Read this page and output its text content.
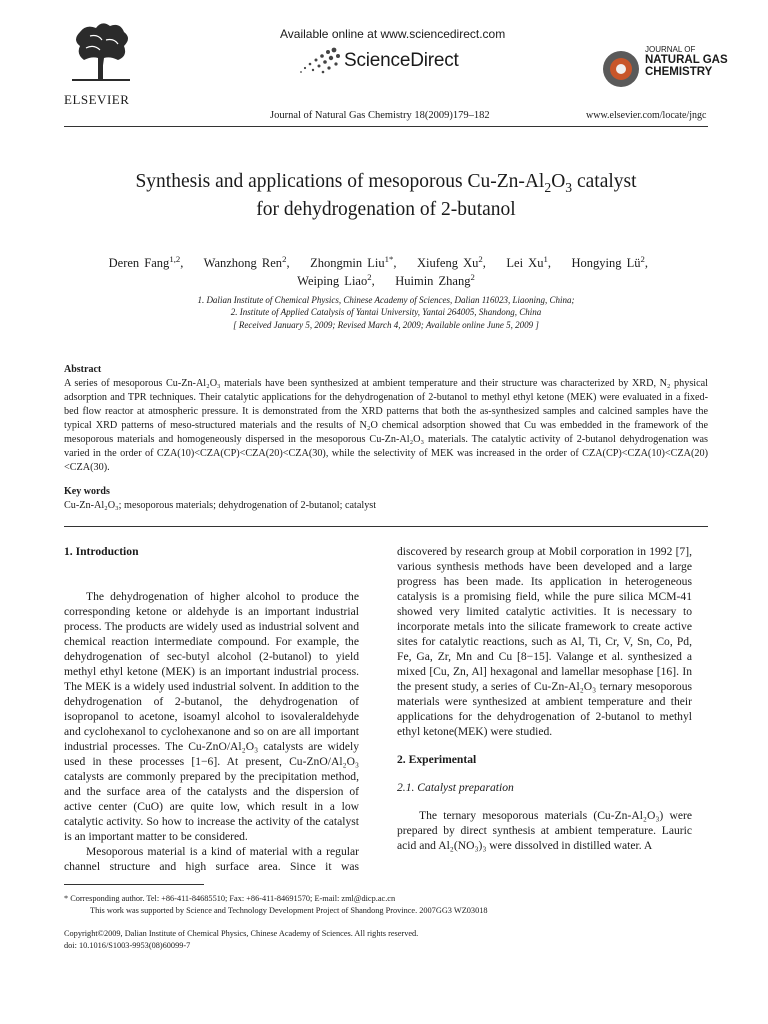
ELSEVIER
Available online at www.sciencedirect.com
ScienceDirect
JOURNAL OF
NATURAL GAS
CHEMISTRY
Journal of Natural Gas Chemistry 18(2009)179–182	www.elsevier.com/locate/jngc
Synthesis and applications of mesoporous $Cu-Zn-Al_2O_3$ catalyst
for dehydrogenation of 2-butanol
Deren Fang$^{1,2}$,    Wanzhong Ren$^2$,    Zhongmin Liu$^{1*}$,    Xiufeng Xu$^2$,    Lei Xu$^1$,    Hongying $Lü^2$,
Weiping Liao$^2$,    Huimin Zhang$^2$
1. Dalian Institute of Chemical Physics, Chinese Academy of Sciences, Dalian 116023, Liaoning, China;
2. Institute of Applied Catalysis of Yantai University, Yantai 264005, Shandong, China
[ Received January 5, 2009; Revised March 4, 2009; Available online June 5, 2009 ]
Abstract
A series of mesoporous Cu-Zn-Al₂O₃ materials have been synthesized at ambient temperature and their structure was characterized by XRD, N₂ physical adsorption and TPR techniques. Their catalytic applications for the dehydrogenation of 2-butanol to methyl ethyl ketone (MEK) were evaluated in a fixed-bed flow reactor at atmospheric pressure. It is demonstrated from the XRD patterns that both the as-synthesized samples and calcined samples have the typical XRD patterns of meso-structured materials and the results of N₂O chemical adsorption showed that Cu was embedded in the framework of the mesoporous materials and homogeneously dispersed in the mesoporous Cu-Zn-Al₂O₃ materials. The catalytic activity of 2-butanol dehydrogenation was varied in the order of CZA(10)<CZA(CP)<CZA(20)<CZA(30), while the selectivity of MEK was increased in the order of CZA(CP)<CZA(10)<CZA(20)<CZA(30).
Key words
Cu-Zn-Al₂O₃; mesoporous materials; dehydrogenation of 2-butanol; catalyst
1. Introduction

The dehydrogenation of higher alcohol to produce the corresponding ketone or aldehyde is an important industrial process. The products are widely used as industrial solvent and chemical reaction intermediate compound. For example, the dehydrogenation of sec-butyl alcohol (2-butanol) to yield methyl ethyl ketone (MEK) is an important industrial process. The MEK is a widely used industrial solvent. In addition to the dehydrogenation of 2-butanol, the dehydrogenation of isopropanol to acetone, isoamyl alcohol to isovaleraldehyde and cyclohexanol to cyclohexanone and so on are all important industrial processes. The Cu-ZnO/Al₂O₃ catalysts are widely used in these processes [1−6]. At present, Cu-ZnO/Al₂O₃ catalysts are commonly prepared by the precipitation method, and the surface area of the catalysts and the dispersion of active center (CuO) are quite low, which result in a low catalytic activity. So how to increase the activity of the catalyst is an important matter to be considered.

Mesoporous material is a kind of material with a regular channel structure and high surface area. Since it was

discovered by research group at Mobil corporation in 1992 [7], various synthesis methods have been developed and a large progress has been made. Its application in heterogeneous catalysis is a promising field, while the pure silica MCM-41 showed very limited catalytic activities. It is necessary to incorporate metals into the silicate framework to create active sites for catalytic reactions, such as Al, Ti, Cr, V, Sn, Co, Pd, Fe, Ga, Zr, Mn and Cu [8−15]. Valange et al. synthesized a mixed [Cu, Zn, Al] hexagonal and lamellar mesophase [16]. In the present study, a series of Cu-Zn-Al₂O₃ ternary mesoporous materials were synthesized at ambient temperature and their applications for the dehydrogenation of 2-butanol to methyl ethyl ketone(MEK) were studied.
2. Experimental
2.1. Catalyst preparation

The ternary mesoporous materials (Cu-Zn-Al₂O₃) were prepared by direct synthesis at ambient temperature. Lauric acid and Al₂(NO₃)₃ were dissolved in distilled water. A

* Corresponding author. Tel: +86-411-84685510; Fax: +86-411-84691570; E-mail: zml@dicp.ac.cn
This work was supported by Science and Technology Development Project of Shandong Province. 2007GG3 WZ03018
Copyright©2009, Dalian Institute of Chemical Physics, Chinese Academy of Sciences. All rights reserved.
doi: 10.1016/S1003-9953(08)60099-7
